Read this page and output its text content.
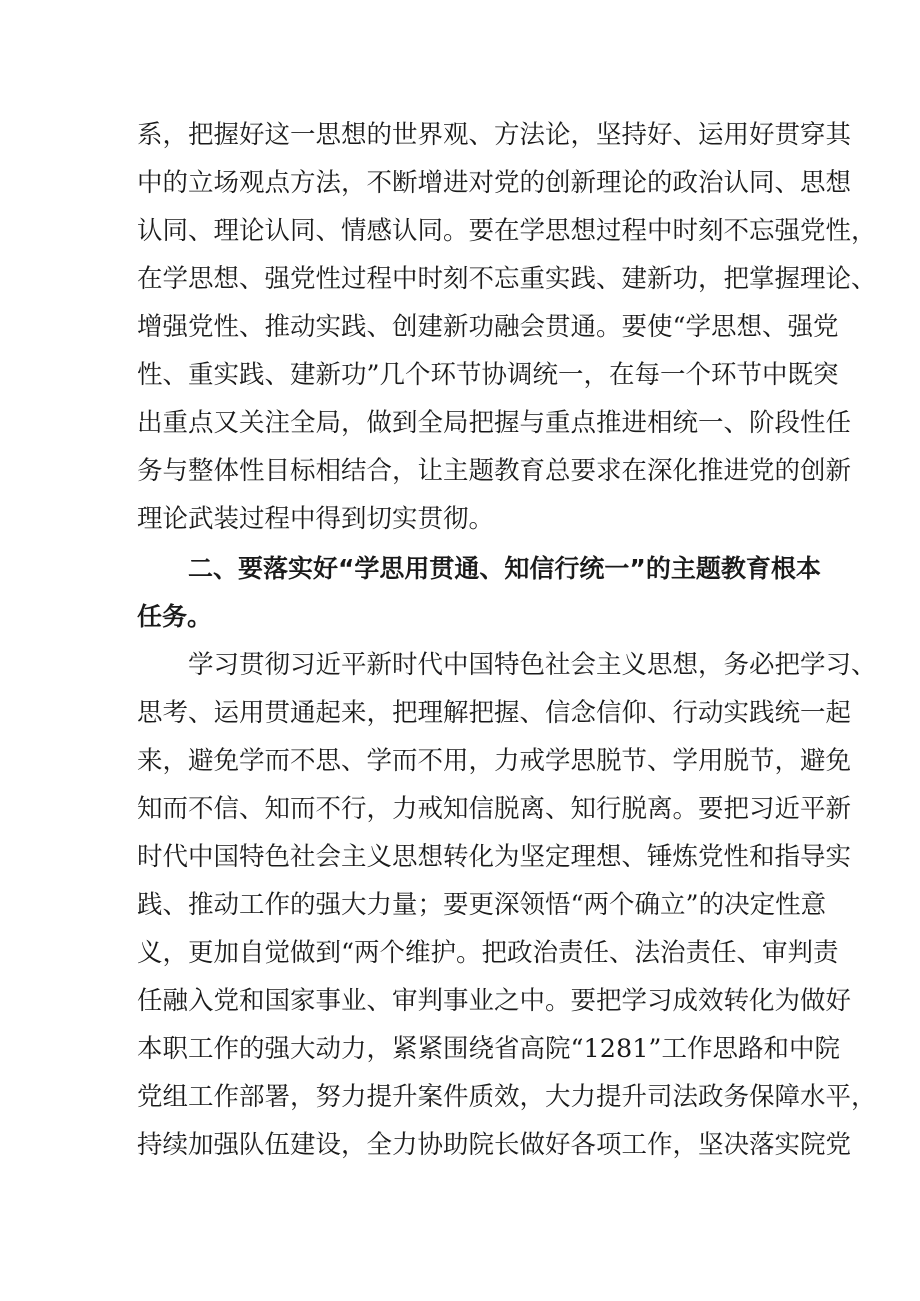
系，把握好这一思想的世界观、方法论，坚持好、运用好贯穿其
中的立场观点方法，不断增进对党的创新理论的政治认同、思想
认同、理论认同、情感认同。要在学思想过程中时刻不忘强党性，
在学思想、强党性过程中时刻不忘重实践、建新功，把掌握理论、
增强党性、推动实践、创建新功融会贯通。要使“学思想、强党
性、重实践、建新功”几个环节协调统一，在每一个环节中既突
出重点又关注全局，做到全局把握与重点推进相统一、阶段性任
务与整体性目标相结合，让主题教育总要求在深化推进党的创新
理论武装过程中得到切实贯彻。
二、要落实好“学思用贯通、知信行统一”的主题教育根本
任务。
学习贯彻习近平新时代中国特色社会主义思想，务必把学习、
思考、运用贯通起来，把理解把握、信念信仰、行动实践统一起
来，避免学而不思、学而不用，力戒学思脱节、学用脱节，避免
知而不信、知而不行，力戒知信脱离、知行脱离。要把习近平新
时代中国特色社会主义思想转化为坚定理想、锤炼党性和指导实
践、推动工作的强大力量；要更深领悟“两个确立”的决定性意
义，更加自觉做到“两个维护。把政治责任、法治责任、审判责
任融入党和国家事业、审判事业之中。要把学习成效转化为做好
本职工作的强大动力，紧紧围绕省高院“1281”工作思路和中院
党组工作部署，努力提升案件质效，大力提升司法政务保障水平，
持续加强队伍建设，全力协助院长做好各项工作，坚决落实院党
